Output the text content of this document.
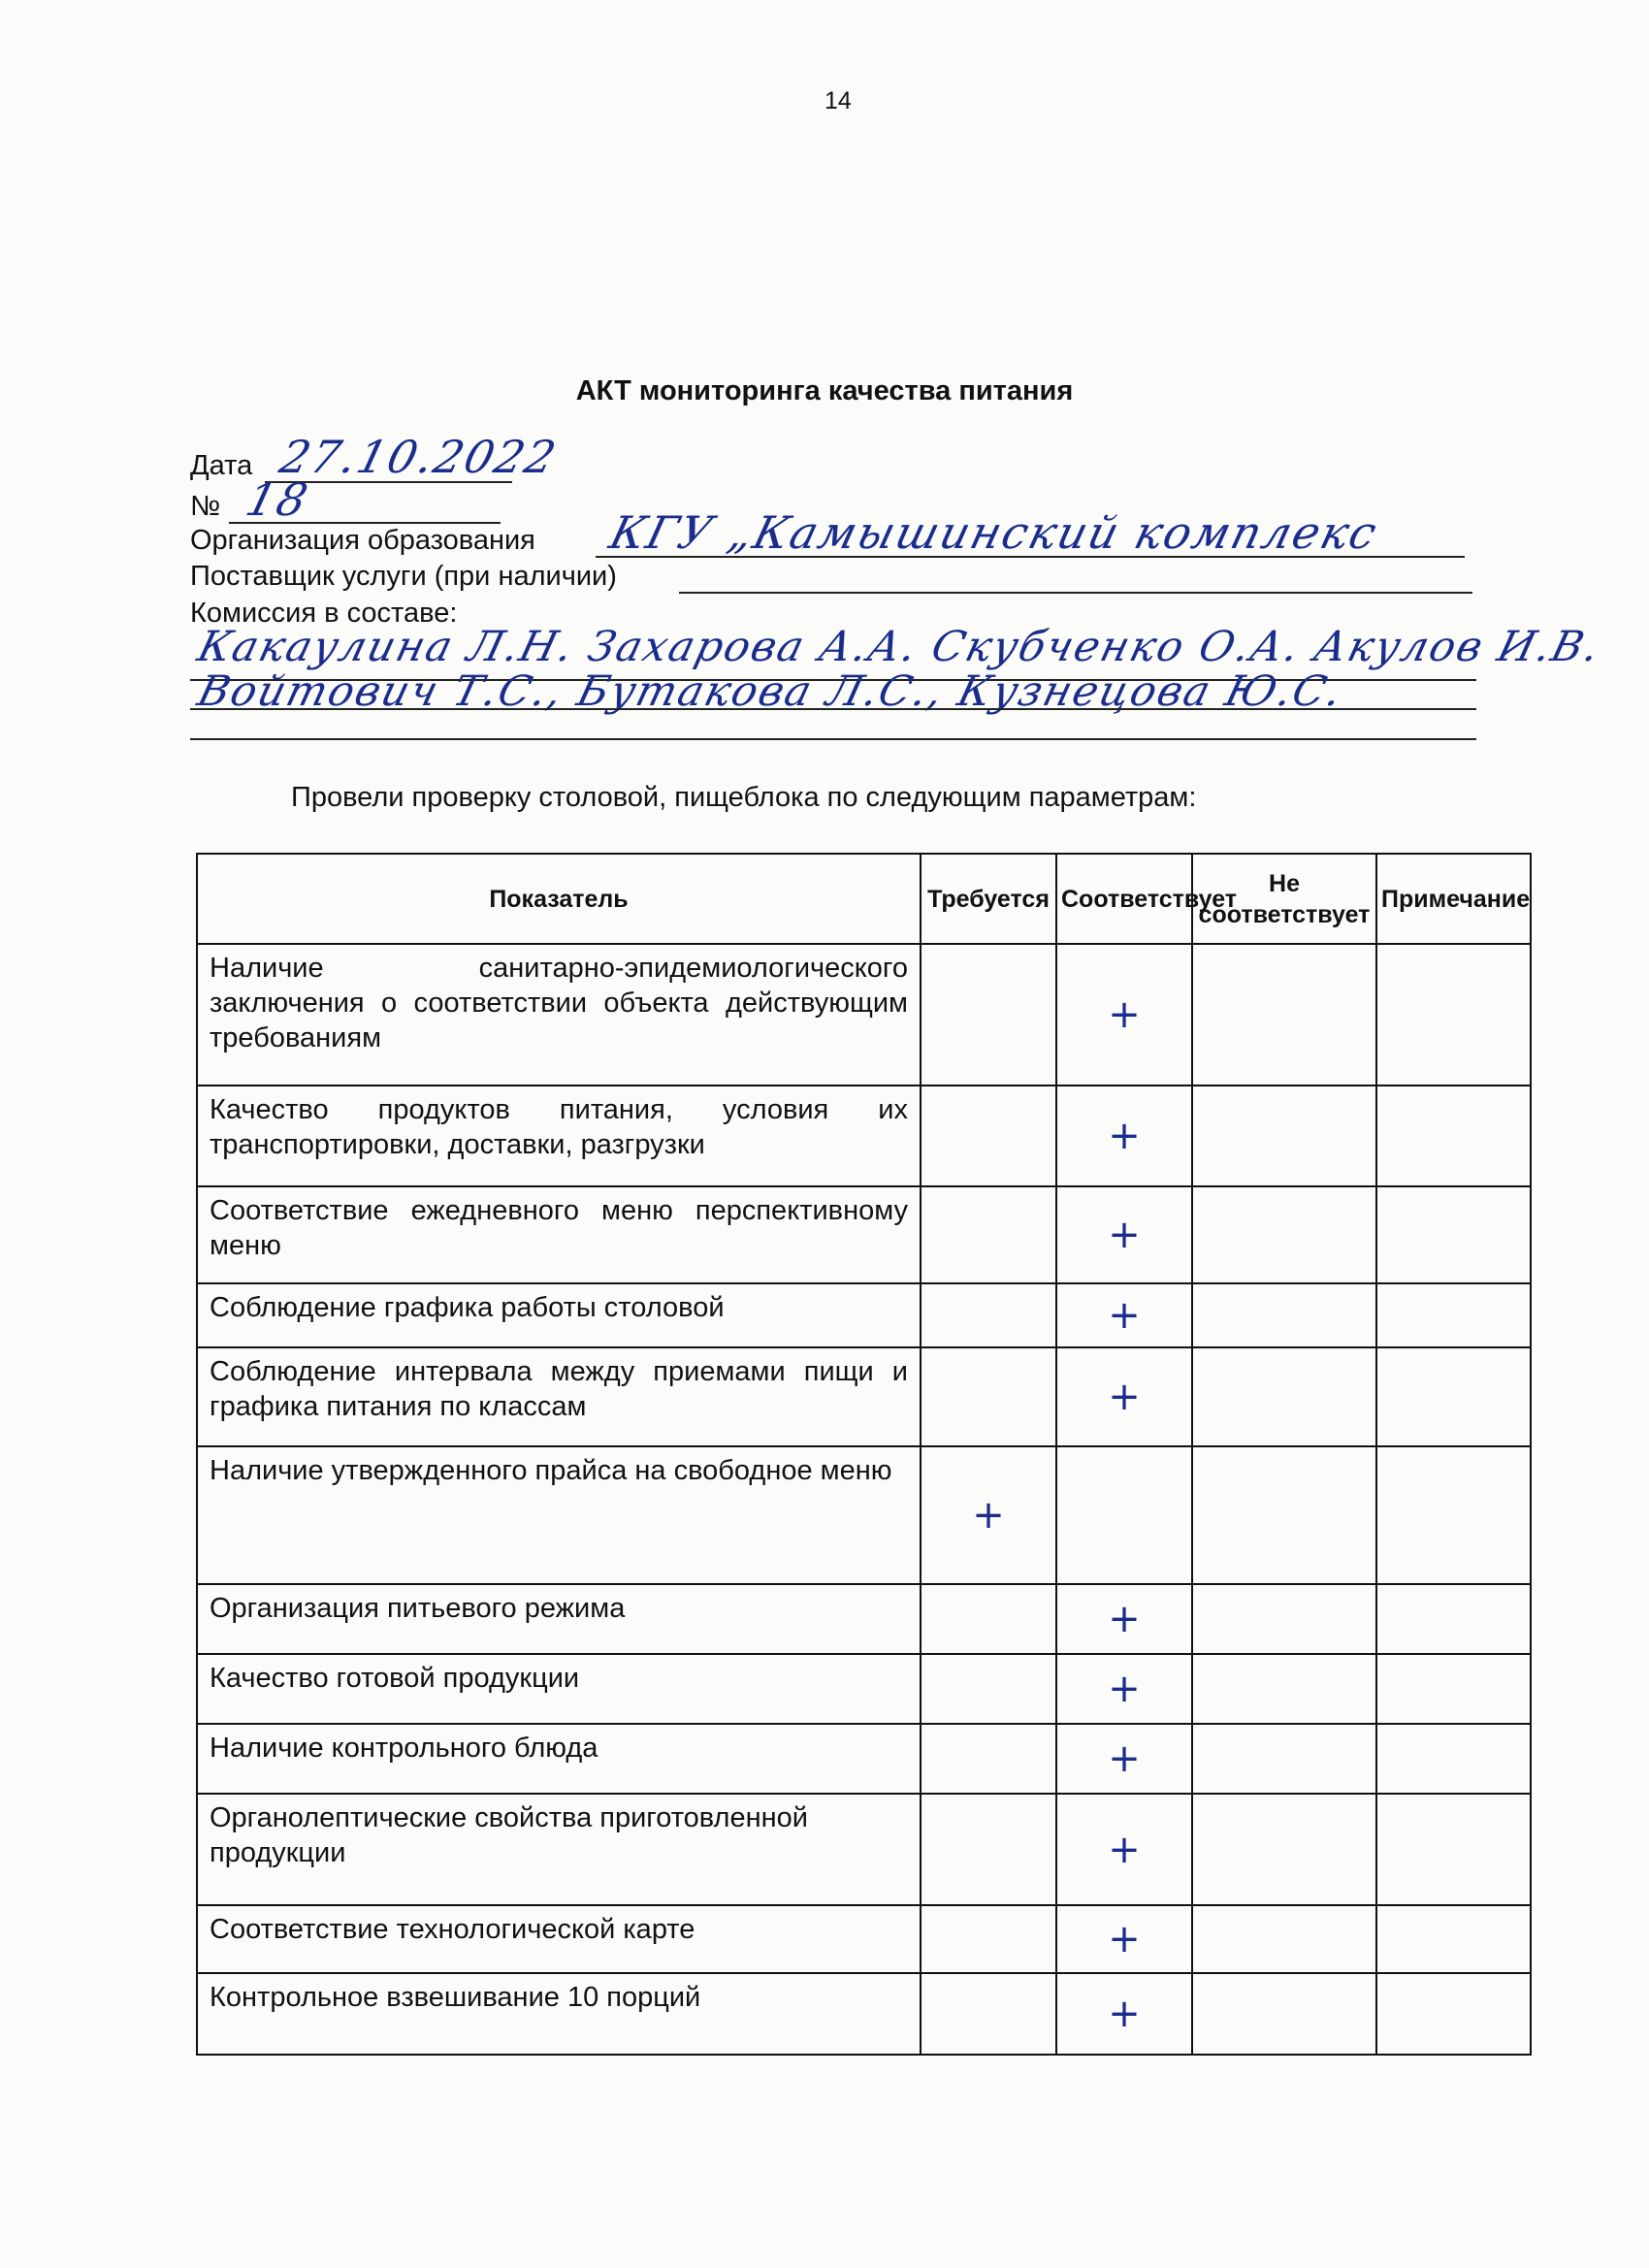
14
АКТ мониторинга качества питания
Дата 27.10.2022
№ 18
Организация образования КГУ „Камышинский комплекс
Поставщик услуги (при наличии)
Комиссия в составе:
Какаулина Л.Н. Захарова А.А. Скубченко О.А. Акулов И.В.
Войтович Т.С., Бутакова Л.С., Кузнецова Ю.С.
Провели проверку столовой, пищеблока по следующим параметрам:
Показатель	Требуется	Соответствует	Не соответствует	Примечание
Наличие санитарно-эпидемиологического заключения о соответствии объекта действующим требованиям		+		

Качество продуктов питания, условия их транспортировки, доставки, разгрузки		+		

Соответствие ежедневного меню перспективному меню		+		

Соблюдение графика работы столовой		+		

Соблюдение интервала между приемами пищи и графика питания по классам		+		

Наличие утвержденного прайса на свободное меню	+			

Организация питьевого режима		+		

Качество готовой продукции		+		

Наличие контрольного блюда		+		

Органолептические свойства приготовленной продукции		+		

Соответствие технологической карте		+		

Контрольное взвешивание 10 порций		+		
